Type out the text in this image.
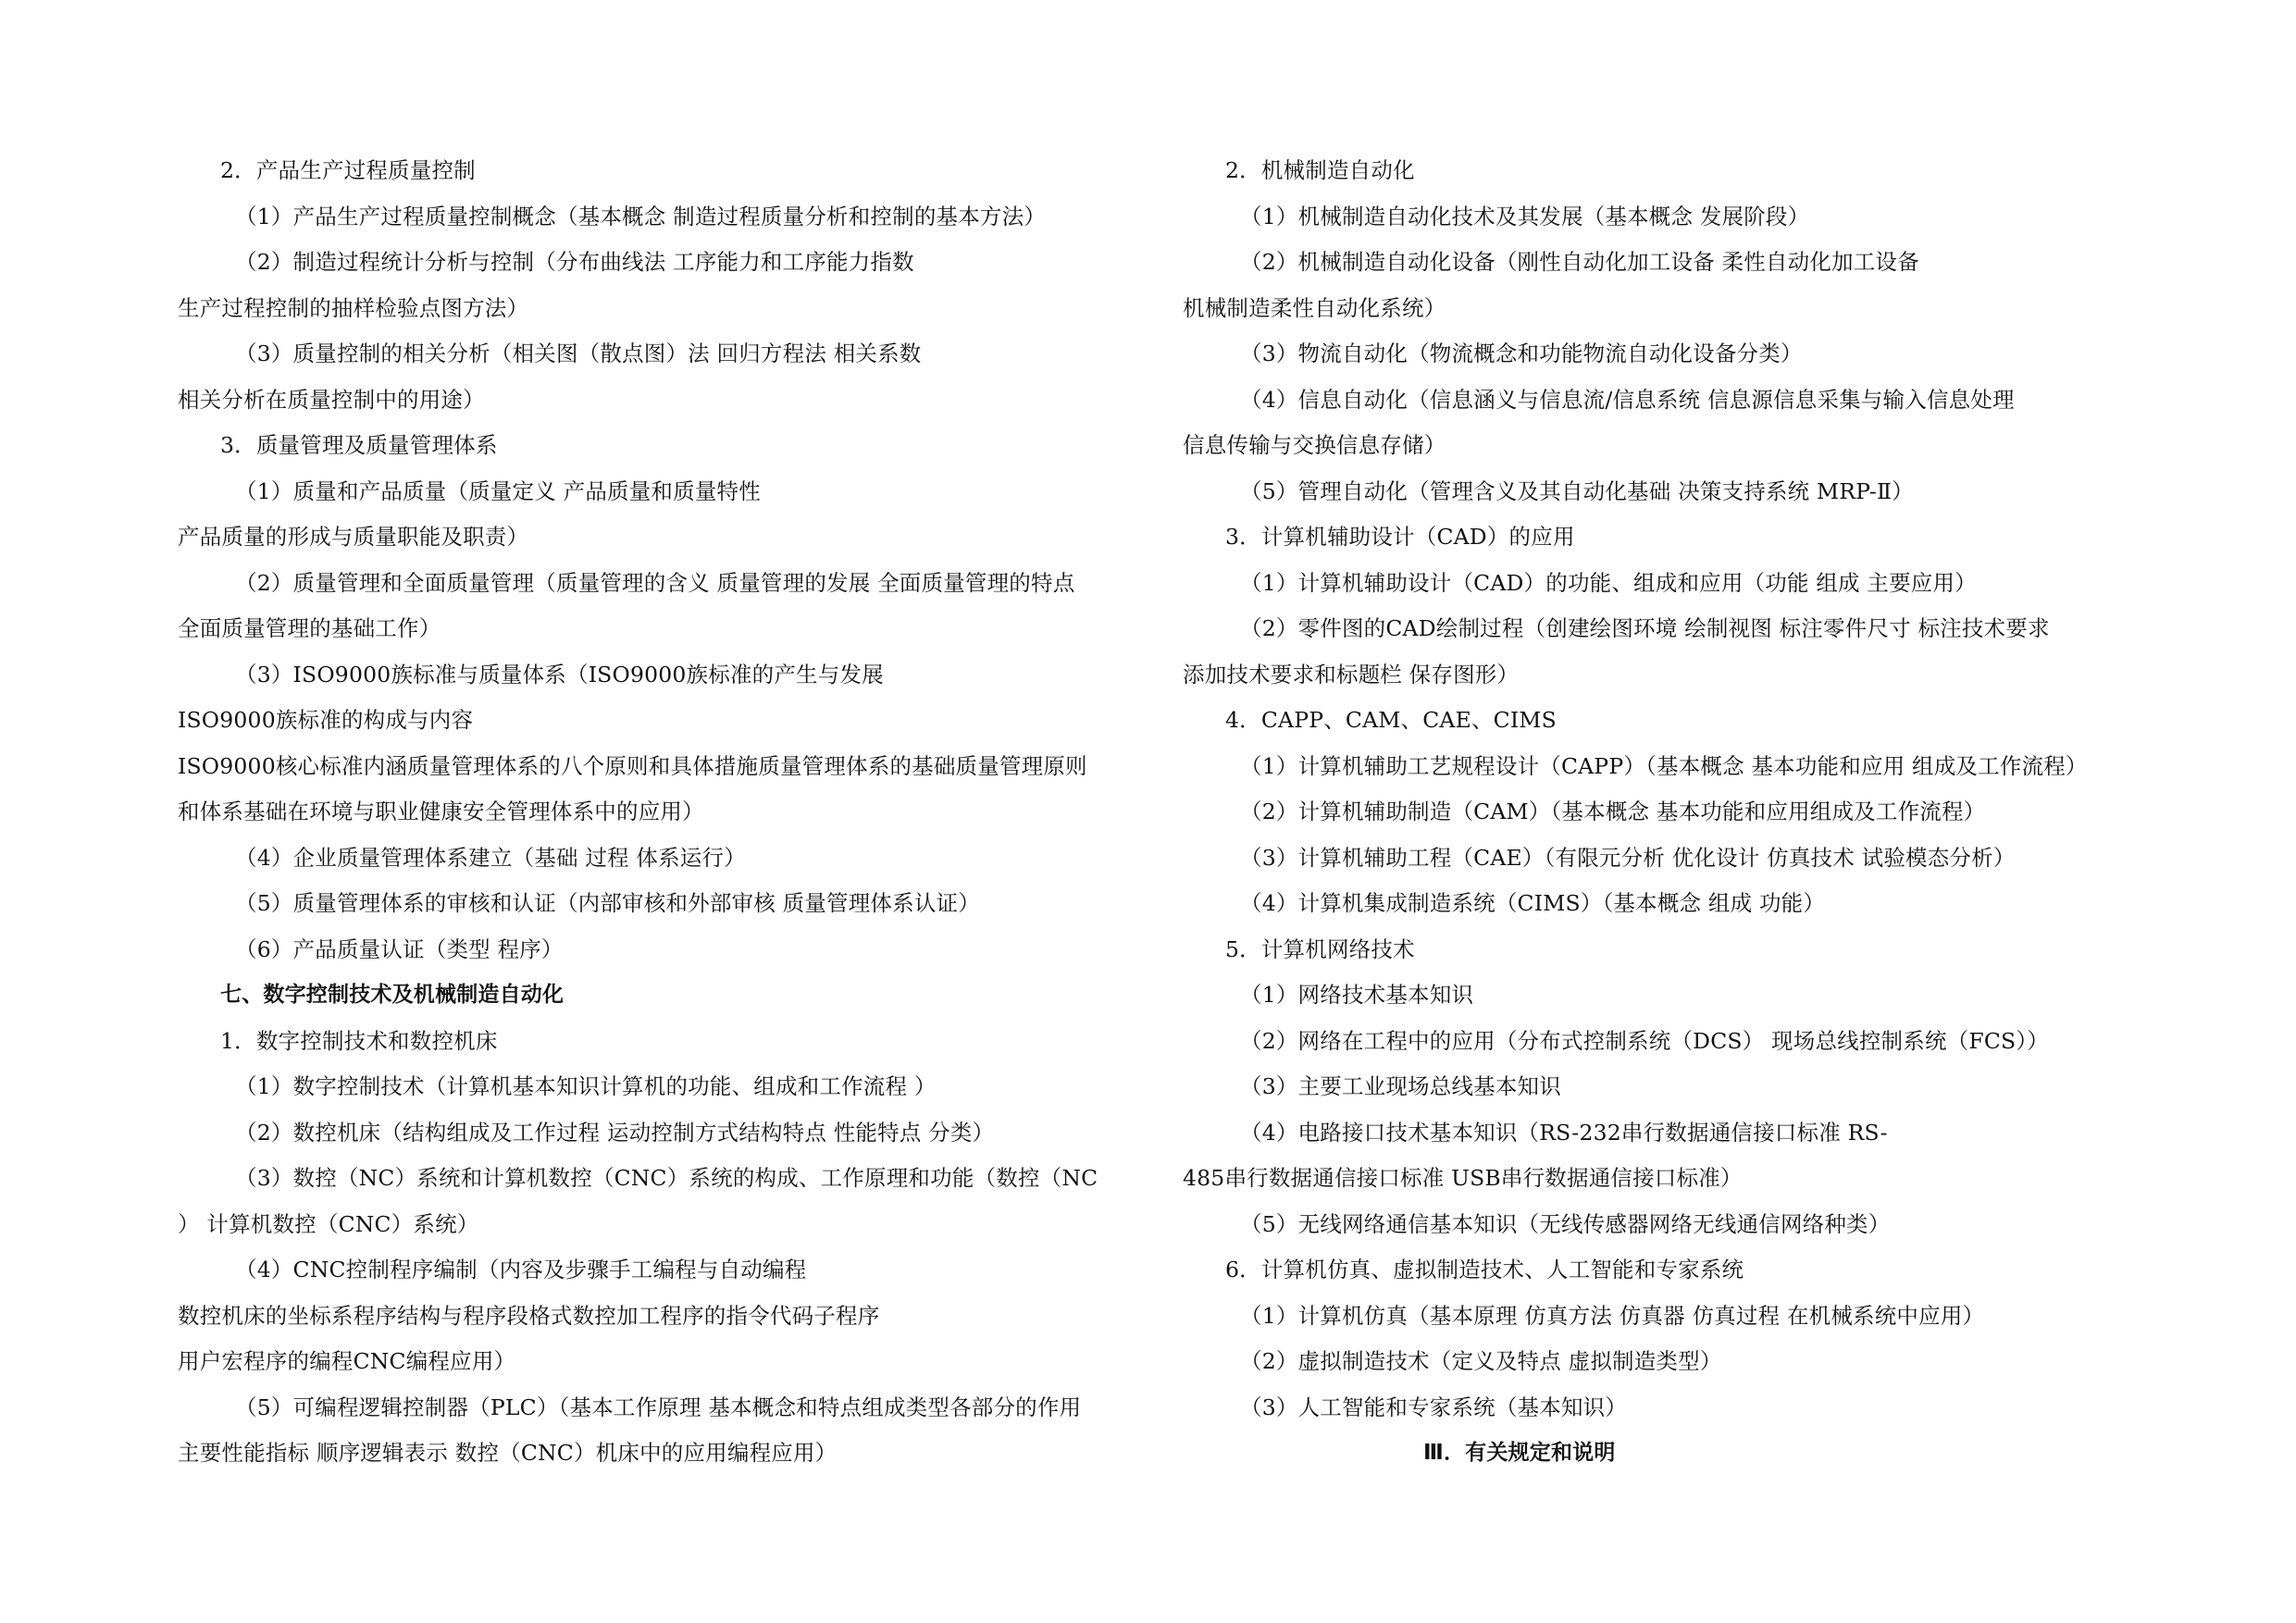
2．产品生产过程质量控制
（1）产品生产过程质量控制概念（基本概念 制造过程质量分析和控制的基本方法）
（2）制造过程统计分析与控制（分布曲线法 工序能力和工序能力指数
生产过程控制的抽样检验点图方法）
（3）质量控制的相关分析（相关图（散点图）法 回归方程法 相关系数
相关分析在质量控制中的用途）
3．质量管理及质量管理体系
（1）质量和产品质量（质量定义 产品质量和质量特性
产品质量的形成与质量职能及职责）
（2）质量管理和全面质量管理（质量管理的含义 质量管理的发展 全面质量管理的特点
全面质量管理的基础工作）
（3）ISO9000族标准与质量体系（ISO9000族标准的产生与发展
ISO9000族标准的构成与内容
ISO9000核心标准内涵质量管理体系的八个原则和具体措施质量管理体系的基础质量管理原则
和体系基础在环境与职业健康安全管理体系中的应用）
（4）企业质量管理体系建立（基础 过程 体系运行）
（5）质量管理体系的审核和认证（内部审核和外部审核 质量管理体系认证）
（6）产品质量认证（类型 程序）
七、数字控制技术及机械制造自动化
1．数字控制技术和数控机床
（1）数字控制技术（计算机基本知识计算机的功能、组成和工作流程 ）
（2）数控机床（结构组成及工作过程 运动控制方式结构特点 性能特点 分类）
（3）数控（NC）系统和计算机数控（CNC）系统的构成、工作原理和功能（数控（NC
） 计算机数控（CNC）系统）
（4）CNC控制程序编制（内容及步骤手工编程与自动编程
数控机床的坐标系程序结构与程序段格式数控加工程序的指令代码子程序
用户宏程序的编程CNC编程应用）
（5）可编程逻辑控制器（PLC）（基本工作原理 基本概念和特点组成类型各部分的作用
主要性能指标 顺序逻辑表示 数控（CNC）机床中的应用编程应用）
2．机械制造自动化
（1）机械制造自动化技术及其发展（基本概念 发展阶段）
（2）机械制造自动化设备（刚性自动化加工设备 柔性自动化加工设备
机械制造柔性自动化系统）
（3）物流自动化（物流概念和功能物流自动化设备分类）
（4）信息自动化（信息涵义与信息流/信息系统 信息源信息采集与输入信息处理
信息传输与交换信息存储）
（5）管理自动化（管理含义及其自动化基础 决策支持系统 MRP-Ⅱ）
3．计算机辅助设计（CAD）的应用
（1）计算机辅助设计（CAD）的功能、组成和应用（功能 组成 主要应用）
（2）零件图的CAD绘制过程（创建绘图环境 绘制视图 标注零件尺寸 标注技术要求
添加技术要求和标题栏 保存图形）
4．CAPP、CAM、CAE、CIMS
（1）计算机辅助工艺规程设计（CAPP）（基本概念 基本功能和应用 组成及工作流程）
（2）计算机辅助制造（CAM）（基本概念 基本功能和应用组成及工作流程）
（3）计算机辅助工程（CAE）（有限元分析 优化设计 仿真技术 试验模态分析）
（4）计算机集成制造系统（CIMS）（基本概念 组成 功能）
5．计算机网络技术
（1）网络技术基本知识
（2）网络在工程中的应用（分布式控制系统（DCS） 现场总线控制系统（FCS））
（3）主要工业现场总线基本知识
（4）电路接口技术基本知识（RS-232串行数据通信接口标准 RS-
485串行数据通信接口标准 USB串行数据通信接口标准）
（5）无线网络通信基本知识（无线传感器网络无线通信网络种类）
6．计算机仿真、虚拟制造技术、人工智能和专家系统
（1）计算机仿真（基本原理 仿真方法 仿真器 仿真过程 在机械系统中应用）
（2）虚拟制造技术（定义及特点 虚拟制造类型）
（3）人工智能和专家系统（基本知识）
Ⅲ．有关规定和说明
